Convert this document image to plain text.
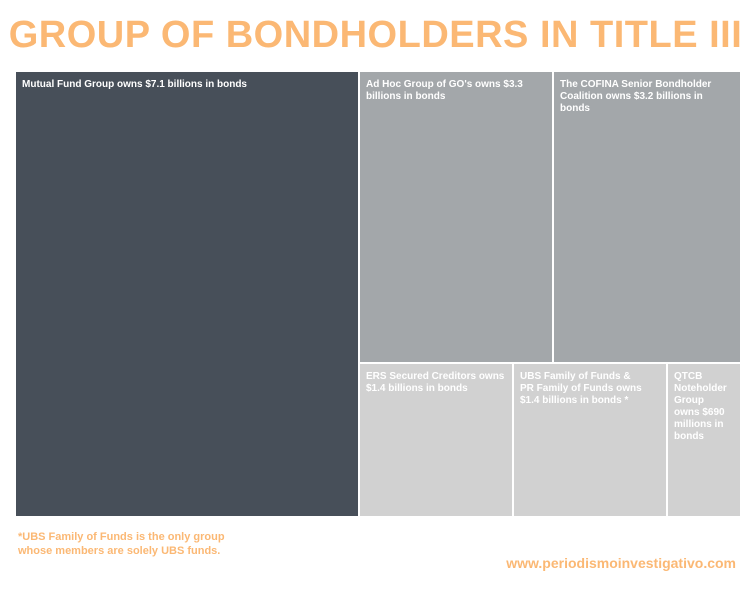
GROUP OF BONDHOLDERS IN TITLE III
Mutual Fund Group owns $7.1 billions in bonds	Ad Hoc Group of GO's owns $3.3 billions in bonds
The COFINA Senior Bondholder Coalition owns $3.2 billions in bonds
ERS Secured Creditors owns $1.4 billions in bonds
UBS Family of Funds & PR Family of Funds owns $1.4 billions in bonds *
QTCB Noteholder Group owns $690 millions in bonds
*UBS Family of Funds is the only group
whose members are solely UBS funds.
www.periodismoinvestigativo.com
